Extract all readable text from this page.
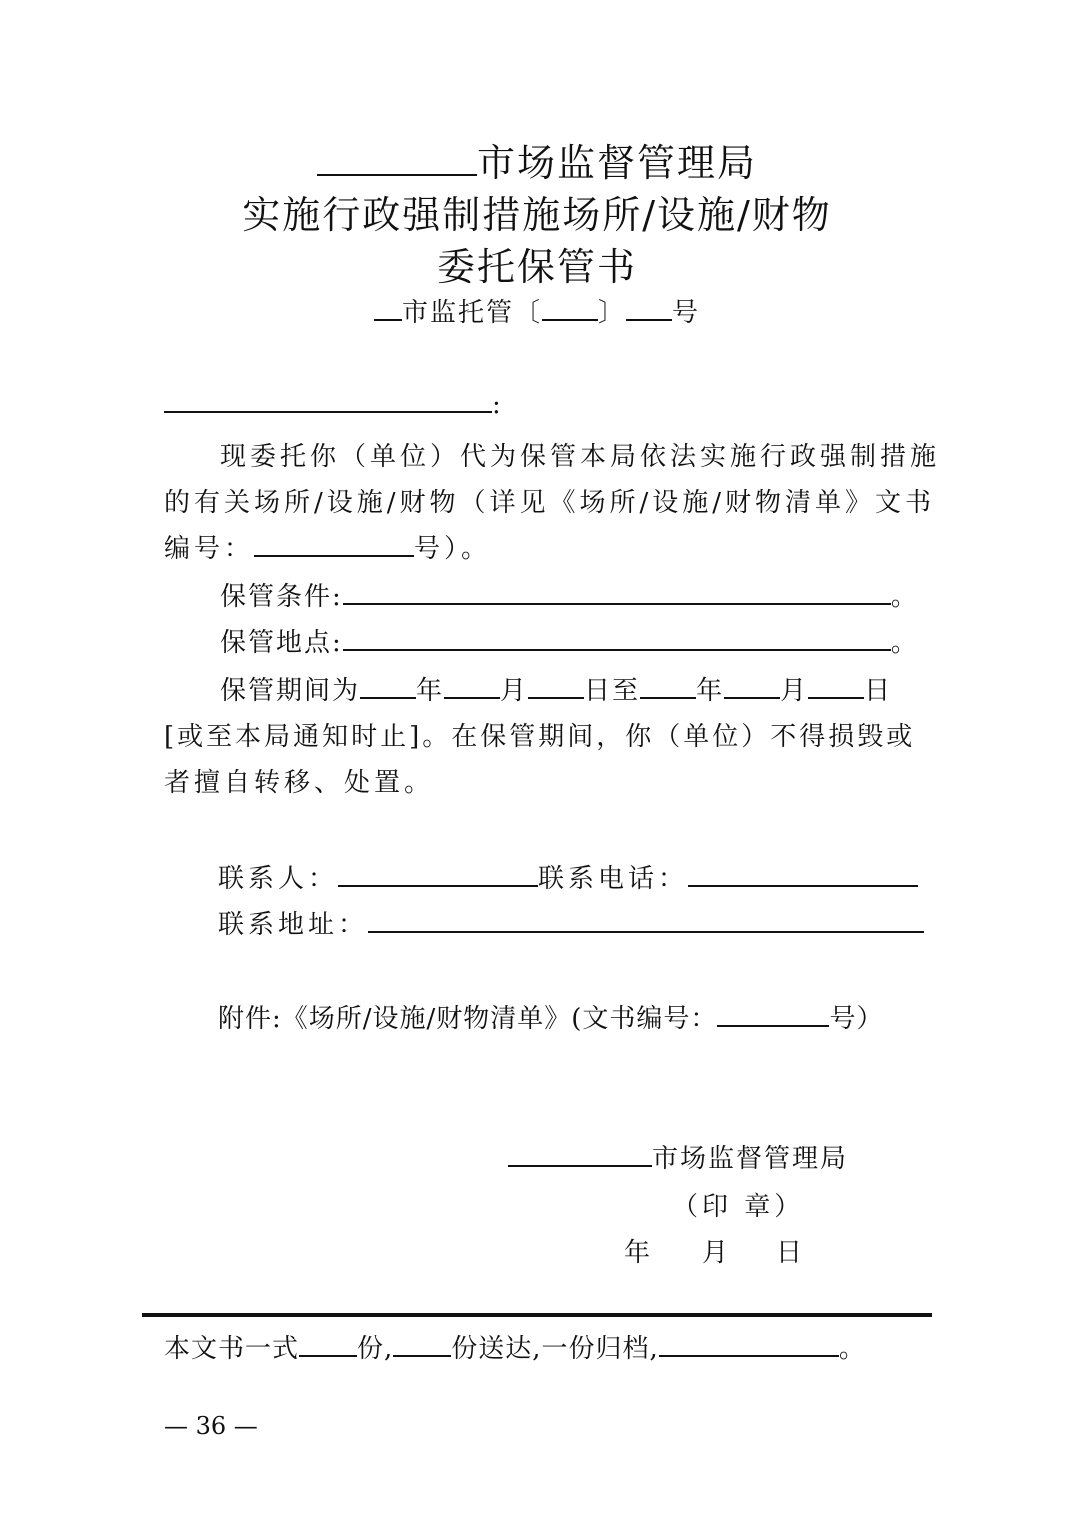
市场监督管理局
实施行政强制措施场所/设施/财物
委托保管书
市监托管〔 〕 号
:
现委托你（单位）代为保管本局依法实施行政强制措施
的有关场所/设施/财物（详见《场所/设施/财物清单》文书
编号：	号）。
保管条件:	。
保管地点:	。
保管期间为 年 月 日至 年 月 日
[或至本局通知时止]。在保管期间，你（单位）不得损毁或
者擅自转移、处置。
联系人：	联系电话：
联系地址：
附件:《场所/设施/财物清单》(文书编号：	号）
市场监督管理局
（印 章）
年 月 日
本文书一式 份, 份送达,一份归档,	。
— 36 —
